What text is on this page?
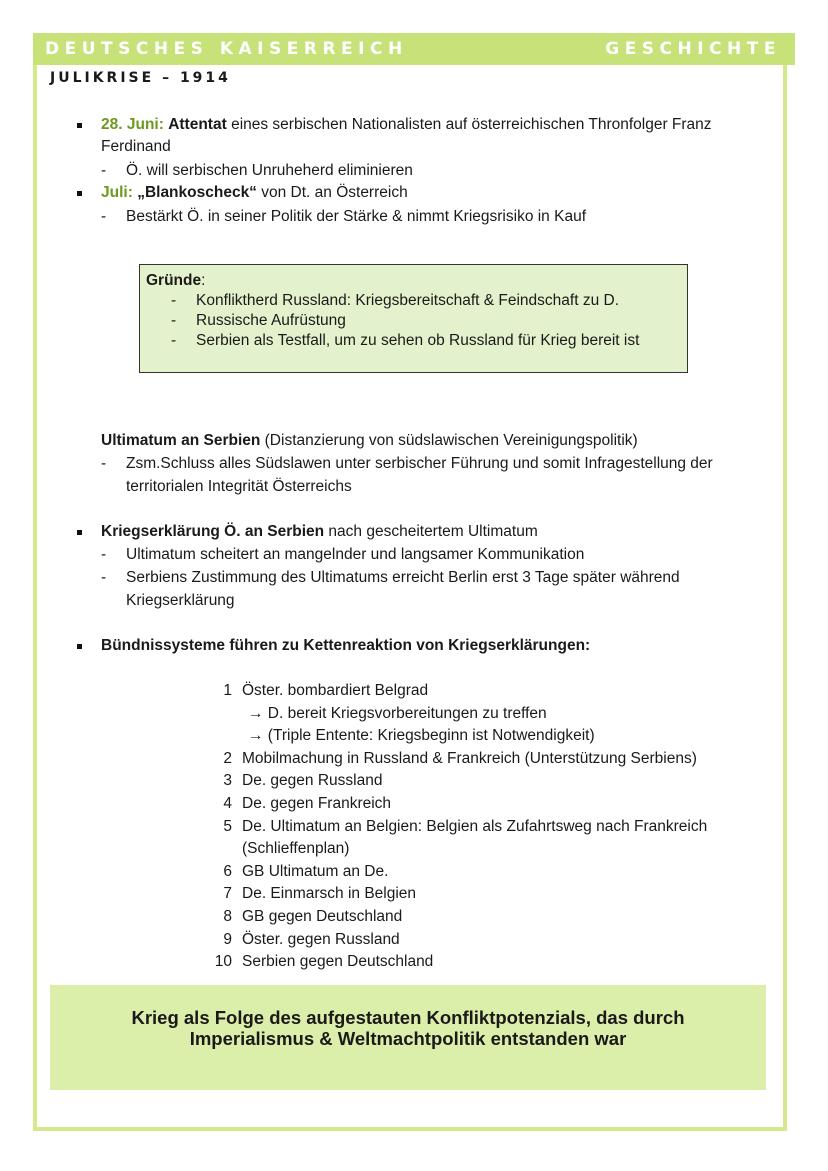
DEUTSCHES KAISERREICH	GESCHICHTE
JULIKRISE – 1914
28. Juni: Attentat eines serbischen Nationalisten auf österreichischen Thronfolger Franz
Ferdinand
- Ö. will serbischen Unruheherd eliminieren
Juli: „Blankoscheck“ von Dt. an Österreich
- Bestärkt Ö. in seiner Politik der Stärke & nimmt Kriegsrisiko in Kauf
Gründe:
- Konfliktherd Russland: Kriegsbereitschaft & Feindschaft zu D.
- Russische Aufrüstung
- Serbien als Testfall, um zu sehen ob Russland für Krieg bereit ist
Ultimatum an Serbien (Distanzierung von südslawischen Vereinigungspolitik)
- Zsm.Schluss alles Südslawen unter serbischer Führung und somit Infragestellung der
territorialen Integrität Österreichs
Kriegserklärung Ö. an Serbien nach gescheitertem Ultimatum
- Ultimatum scheitert an mangelnder und langsamer Kommunikation
- Serbiens Zustimmung des Ultimatums erreicht Berlin erst 3 Tage später während
Kriegserklärung
Bündnissysteme führen zu Kettenreaktion von Kriegserklärungen:
1 Öster. bombardiert Belgrad
→ D. bereit Kriegsvorbereitungen zu treffen
→ (Triple Entente: Kriegsbeginn ist Notwendigkeit)
2 Mobilmachung in Russland & Frankreich (Unterstützung Serbiens)
3 De. gegen Russland
4 De. gegen Frankreich
5 De. Ultimatum an Belgien: Belgien als Zufahrtsweg nach Frankreich
(Schlieffenplan)
6 GB Ultimatum an De.
7 De. Einmarsch in Belgien
8 GB gegen Deutschland
9 Öster. gegen Russland
10 Serbien gegen Deutschland
Krieg als Folge des aufgestauten Konfliktpotenzials, das durch
Imperialismus & Weltmachtpolitik entstanden war
